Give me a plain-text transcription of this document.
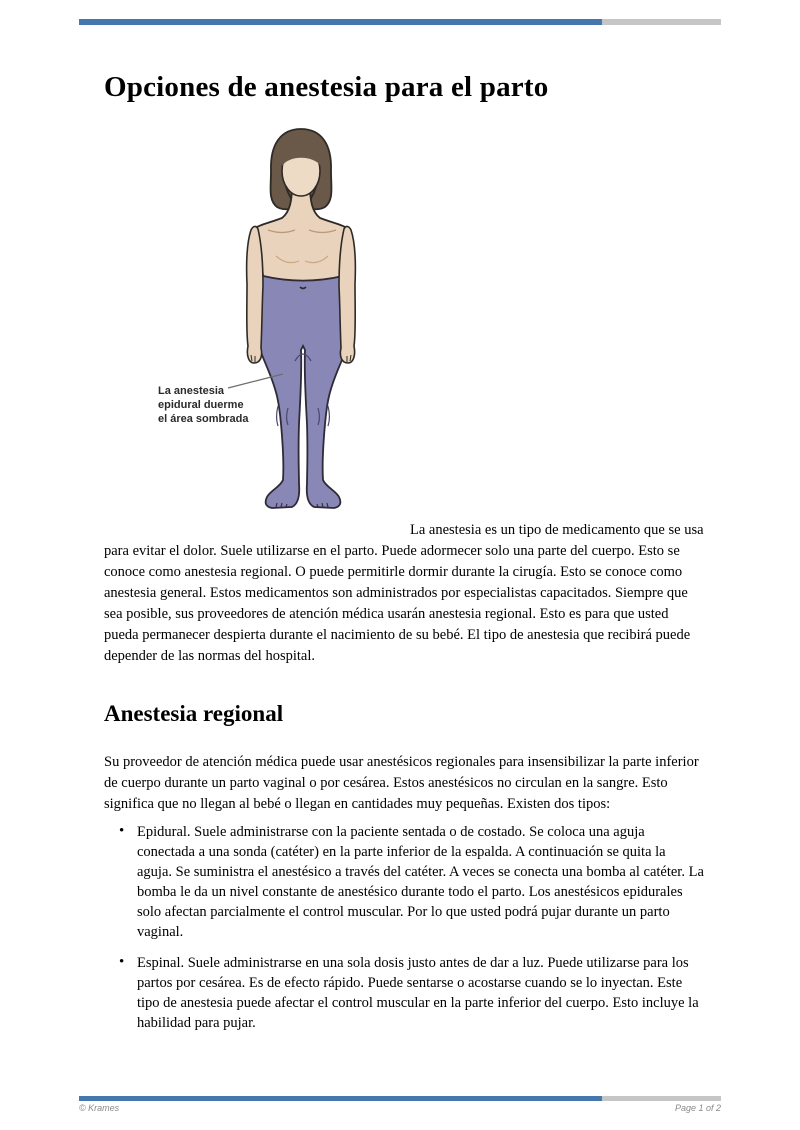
Opciones de anestesia para el parto
La anestesia
epidural duerme
el área sombrada

La anestesia es un tipo de medicamento que se usa para evitar el dolor. Suele utilizarse en el parto. Puede adormecer solo una parte del cuerpo. Esto se conoce como anestesia regional. O puede permitirle dormir durante la cirugía. Esto se conoce como anestesia general. Estos medicamentos son administrados por especialistas capacitados. Siempre que sea posible, sus proveedores de atención médica usarán anestesia regional. Esto es para que usted pueda permanecer despierta durante el nacimiento de su bebé. El tipo de anestesia que recibirá puede depender de las normas del hospital.

Anestesia regional

Su proveedor de atención médica puede usar anestésicos regionales para insensibilizar la parte inferior de cuerpo durante un parto vaginal o por cesárea. Estos anestésicos no circulan en la sangre. Esto significa que no llegan al bebé o llegan en cantidades muy pequeñas. Existen dos tipos:

• Epidural. Suele administrarse con la paciente sentada o de costado. Se coloca una aguja conectada a una sonda (catéter) en la parte inferior de la espalda. A continuación se quita la aguja. Se suministra el anestésico a través del catéter. A veces se conecta una bomba al catéter. La bomba le da un nivel constante de anestésico durante todo el parto. Los anestésicos epidurales solo afectan parcialmente el control muscular. Por lo que usted podrá pujar durante un parto vaginal.
• Espinal. Suele administrarse en una sola dosis justo antes de dar a luz. Puede utilizarse para los partos por cesárea. Es de efecto rápido. Puede sentarse o acostarse cuando se lo inyectan. Este tipo de anestesia puede afectar el control muscular en la parte inferior del cuerpo. Esto incluye la habilidad para pujar.
© Krames	Page 1 of 2
